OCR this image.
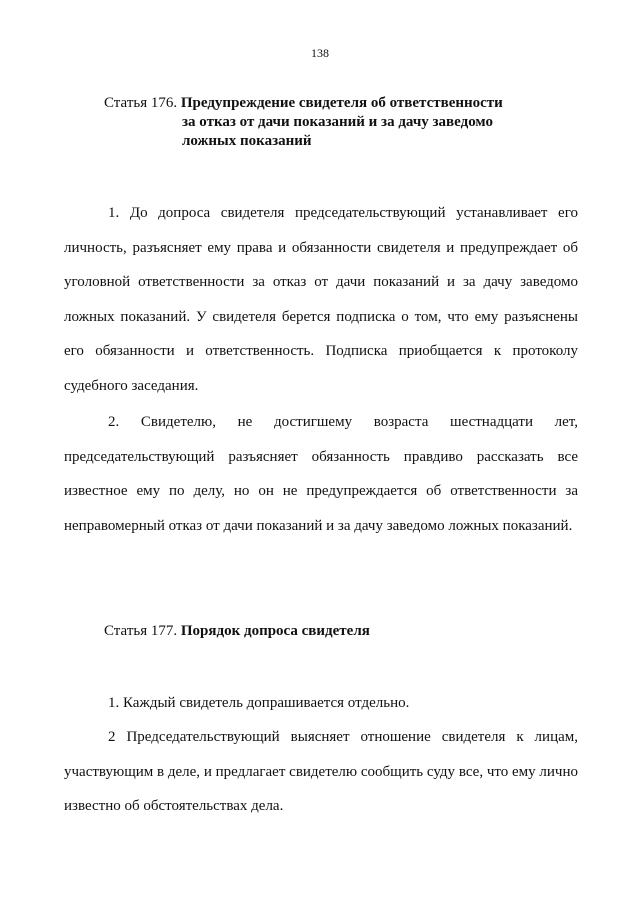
138
Статья 176. Предупреждение свидетеля об ответственности
за отказ от дачи показаний и за дачу заведомо
ложных показаний

1. До допроса свидетеля председательствующий устанавливает его личность, разъясняет ему права и обязанности свидетеля и предупреждает об уголовной ответственности за отказ от дачи показаний и за дачу заведомо ложных показаний. У свидетеля берется подписка о том, что ему разъяснены его обязанности и ответственность. Подписка приобщается к протоколу судебного заседания.

2. Свидетелю, не достигшему возраста шестнадцати лет, председательствующий разъясняет обязанность правдиво рассказать все известное ему по делу, но он не предупреждается об ответственности за неправомерный отказ от дачи показаний и за дачу заведомо ложных показаний.

Статья 177. Порядок допроса свидетеля

1. Каждый свидетель допрашивается отдельно.

2 Председательствующий выясняет отношение свидетеля к лицам, участвующим в деле, и предлагает свидетелю сообщить суду все, что ему лично известно об обстоятельствах дела.
